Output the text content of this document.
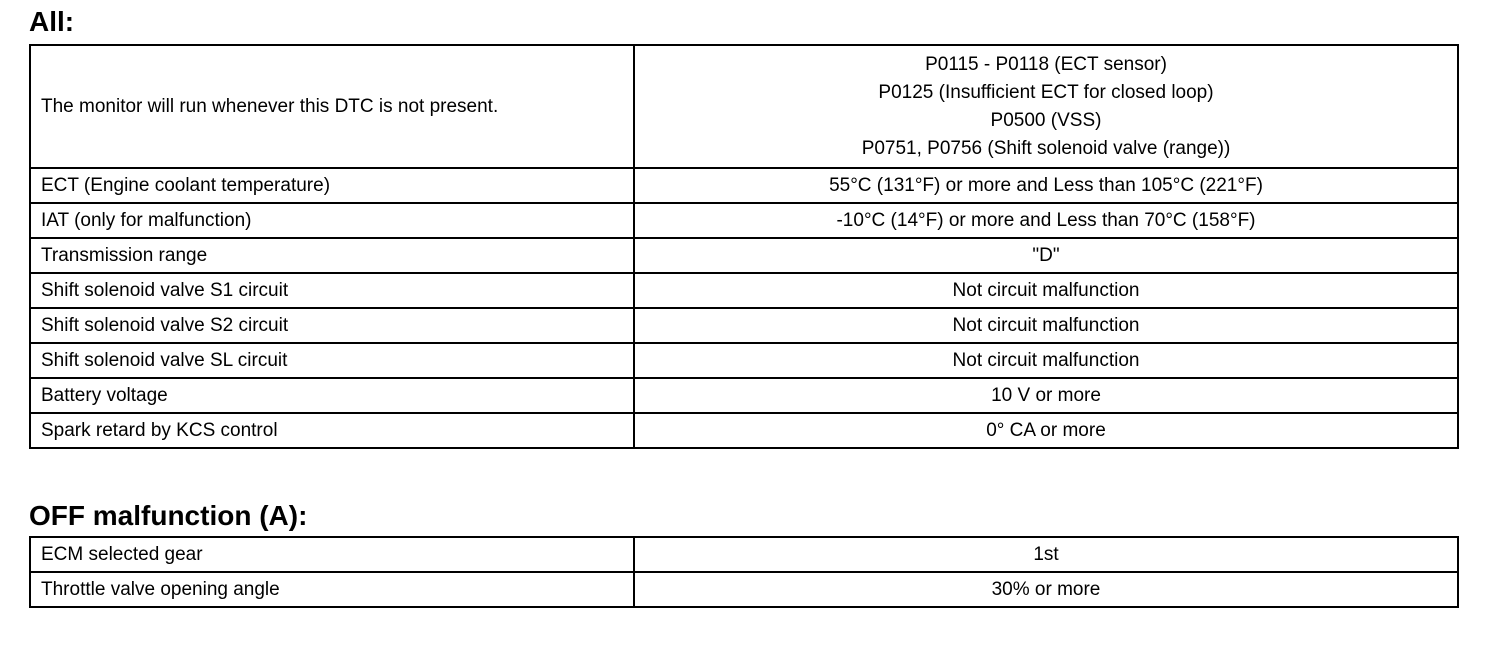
All:
The monitor will run whenever this DTC is not present.	P0115 - P0118 (ECT sensor)
P0125 (Insufficient ECT for closed loop)
P0500 (VSS)
P0751, P0756 (Shift solenoid valve (range))

ECT (Engine coolant temperature)	55°C (131°F) or more and Less than 105°C (221°F)
IAT (only for malfunction)	-10°C (14°F) or more and Less than 70°C (158°F)
Transmission range	"D"
Shift solenoid valve S1 circuit	Not circuit malfunction
Shift solenoid valve S2 circuit	Not circuit malfunction
Shift solenoid valve SL circuit	Not circuit malfunction
Battery voltage	10 V or more
Spark retard by KCS control	0° CA or more
OFF malfunction (A):
ECM selected gear	1st
Throttle valve opening angle	30% or more
